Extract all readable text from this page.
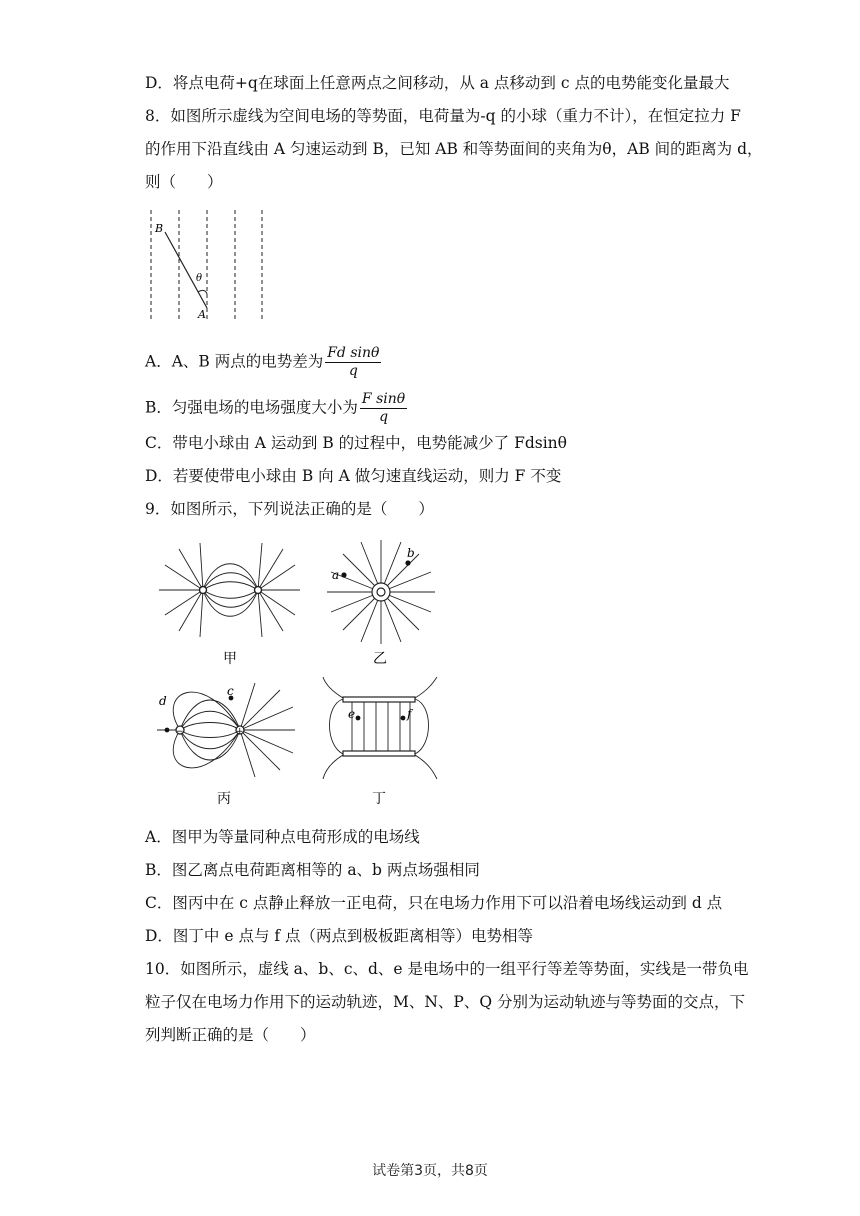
D．将点电荷+q在球面上任意两点之间移动，从 a 点移动到 c 点的电势能变化量最大
8．如图所示虚线为空间电场的等势面，电荷量为-q 的小球（重力不计），在恒定拉力 F
的作用下沿直线由 A 匀速运动到 B，已知 AB 和等势面间的夹角为θ，AB 间的距离为 d，
则（　　）
B
A
θ
A．A、B 两点的电势差为 $\frac{\text{Fd sinθ}}{q}$
B．匀强电场的电场强度大小为 $\frac{\text{F sinθ}}{q}$
C．带电小球由 A 运动到 B 的过程中，电势能减少了 Fdsinθ
D．若要使带电小球由 B 向 A 做匀速直线运动，则力 F 不变
9．如图所示，下列说法正确的是（　　）
甲	乙
丙	丁
a
b
c
d
e	f
+
−
A．图甲为等量同种点电荷形成的电场线
B．图乙离点电荷距离相等的 a、b 两点场强相同
C．图丙中在 c 点静止释放一正电荷，只在电场力作用下可以沿着电场线运动到 d 点
D．图丁中 e 点与 f 点（两点到极板距离相等）电势相等
10．如图所示，虚线 a、b、c、d、e 是电场中的一组平行等差等势面，实线是一带负电
粒子仅在电场力作用下的运动轨迹，M、N、P、Q 分别为运动轨迹与等势面的交点，下
列判断正确的是（　　）
试卷第3页，共8页
